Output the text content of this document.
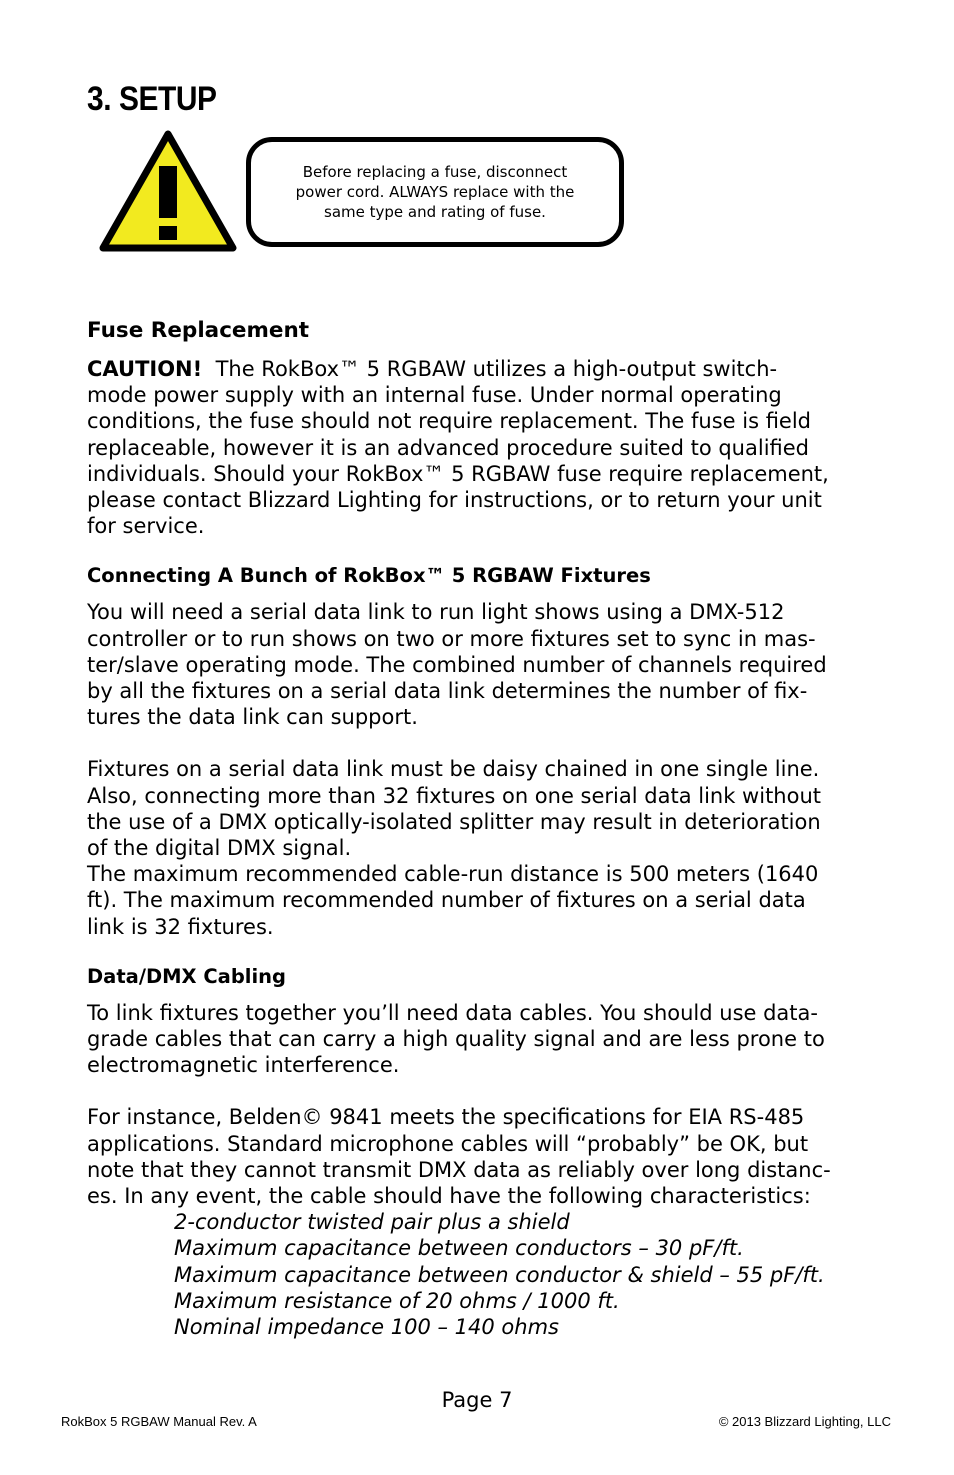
3. SETUP
Before replacing a fuse, disconnect
power cord. ALWAYS replace with the
same type and rating of fuse.
Fuse Replacement
CAUTION!  The RokBox™ 5 RGBAW utilizes a high-output switch-
mode power supply with an internal fuse. Under normal operating
conditions, the fuse should not require replacement. The fuse is field
replaceable, however it is an advanced procedure suited to qualified
individuals. Should your RokBox™ 5 RGBAW fuse require replacement,
please contact Blizzard Lighting for instructions, or to return your unit
for service.
Connecting A Bunch of RokBox™ 5 RGBAW Fixtures
You will need a serial data link to run light shows using a DMX-512
controller or to run shows on two or more fixtures set to sync in mas-
ter/slave operating mode. The combined number of channels required
by all the fixtures on a serial data link determines the number of fix-
tures the data link can support.
Fixtures on a serial data link must be daisy chained in one single line.
Also, connecting more than 32 fixtures on one serial data link without
the use of a DMX optically-isolated splitter may result in deterioration
of the digital DMX signal.
The maximum recommended cable-run distance is 500 meters (1640
ft). The maximum recommended number of fixtures on a serial data
link is 32 fixtures.
Data/DMX Cabling
To link fixtures together you’ll need data cables. You should use data-
grade cables that can carry a high quality signal and are less prone to
electromagnetic interference.
For instance, Belden© 9841 meets the specifications for EIA RS-485
applications. Standard microphone cables will “probably” be OK, but
note that they cannot transmit DMX data as reliably over long distanc-
es. In any event, the cable should have the following characteristics:
2-conductor twisted pair plus a shield
Maximum capacitance between conductors – 30 pF/ft.
Maximum capacitance between conductor & shield – 55 pF/ft.
Maximum resistance of 20 ohms / 1000 ft.
Nominal impedance 100 – 140 ohms
Page 7
RokBox 5 RGBAW Manual Rev. A	© 2013 Blizzard Lighting, LLC
